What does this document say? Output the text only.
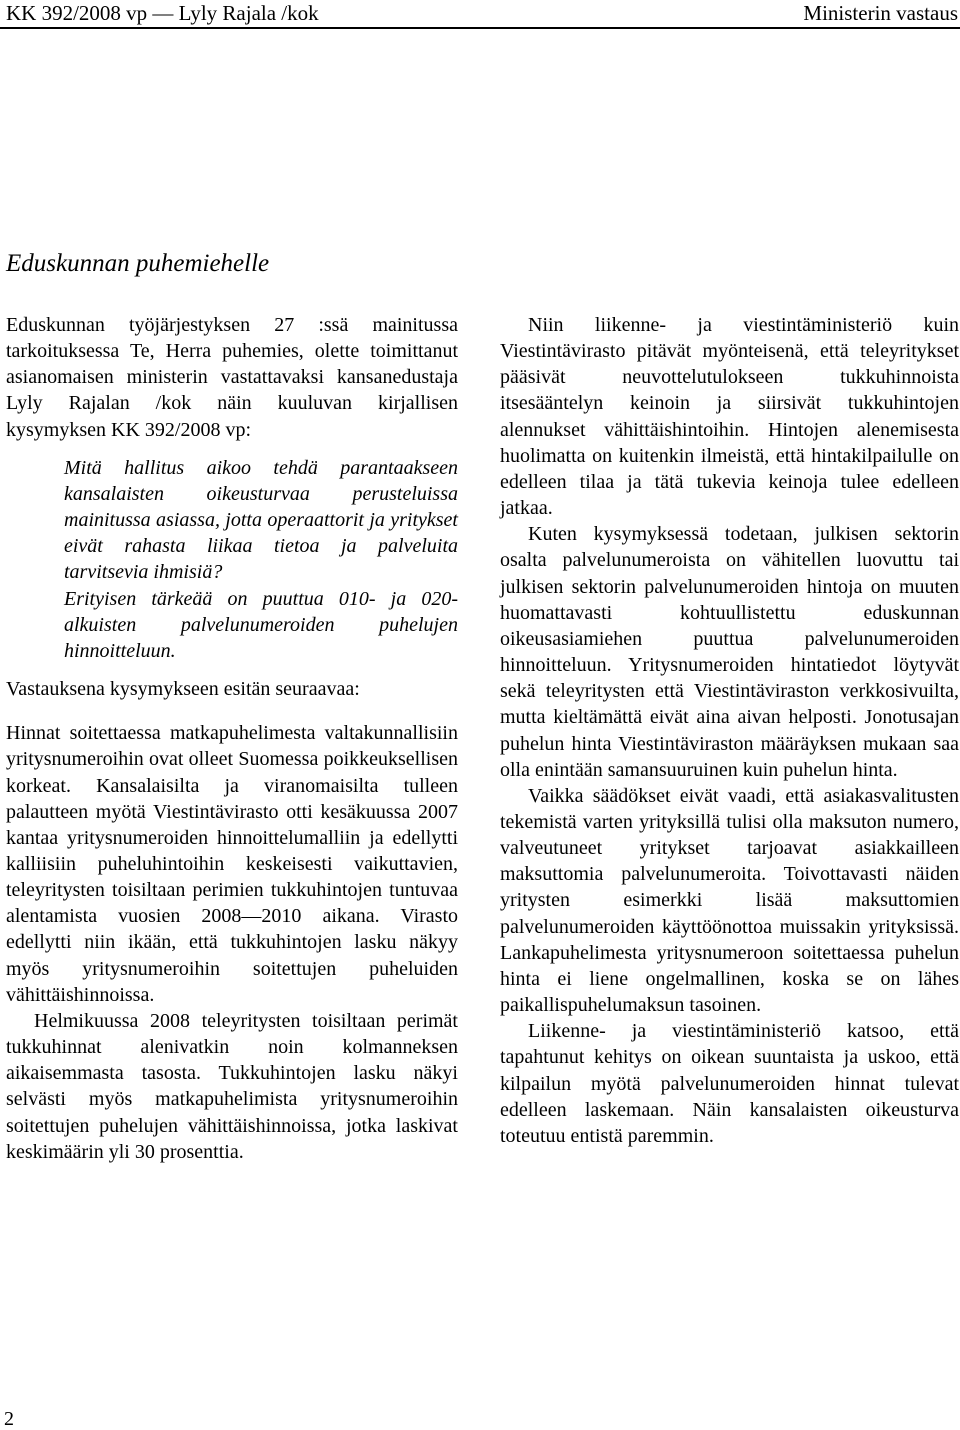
KK 392/2008 vp — Lyly Rajala /kok	Ministerin vastaus
Eduskunnan puhemiehelle

Eduskunnan työjärjestyksen 27 :ssä mainitussa tarkoituksessa Te, Herra puhemies, olette toimittanut asianomaisen ministerin vastattavaksi kansanedustaja Lyly Rajalan /kok näin kuuluvan kirjallisen kysymyksen KK 392/2008 vp:

Mitä hallitus aikoo tehdä parantaakseen kansalaisten oikeusturvaa perusteluissa mainitussa asiassa, jotta operaattorit ja yritykset eivät rahasta liikaa tietoa ja palveluita tarvitsevia ihmisiä?

Erityisen tärkeää on puuttua 010- ja 020-alkuisten palvelunumeroiden puhelujen hinnoitteluun.

Vastauksena kysymykseen esitän seuraavaa:

Hinnat soitettaessa matkapuhelimesta valtakunnallisiin yritysnumeroihin ovat olleet Suomessa poikkeuksellisen korkeat. Kansalaisilta ja viranomaisilta tulleen palautteen myötä Viestintävirasto otti kesäkuussa 2007 kantaa yritysnumeroiden hinnoittelumalliin ja edellytti kalliisiin puheluhintoihin keskeisesti vaikuttavien, teleyritysten toisiltaan perimien tukkuhintojen tuntuvaa alentamista vuosien 2008—2010 aikana. Virasto edellytti niin ikään, että tukkuhintojen lasku näkyy myös yritysnumeroihin soitettujen puheluiden vähittäishinnoissa.

Helmikuussa 2008 teleyritysten toisiltaan perimät tukkuhinnat alenivatkin noin kolmanneksen aikaisemmasta tasosta. Tukkuhintojen lasku näkyi selvästi myös matkapuhelimista yritysnumeroihin soitettujen puhelujen vähittäishinnoissa, jotka laskivat keskimäärin yli 30 prosenttia.

Niin liikenne- ja viestintäministeriö kuin Viestintävirasto pitävät myönteisenä, että teleyritykset pääsivät neuvottelutulokseen tukkuhinnoista itsesääntelyn keinoin ja siirsivät tukkuhintojen alennukset vähittäishintoihin. Hintojen alenemisesta huolimatta on kuitenkin ilmeistä, että hintakilpailulle on edelleen tilaa ja tätä tukevia keinoja tulee edelleen jatkaa.

Kuten kysymyksessä todetaan, julkisen sektorin osalta palvelunumeroista on vähitellen luovuttu tai julkisen sektorin palvelunumeroiden hintoja on muuten huomattavasti kohtuullistettu eduskunnan oikeusasiamiehen puuttua palvelunumeroiden hinnoitteluun. Yritysnumeroiden hintatiedot löytyvät sekä teleyritysten että Viestintäviraston verkkosivuilta, mutta kieltämättä eivät aina aivan helposti. Jonotusajan puhelun hinta Viestintäviraston määräyksen mukaan saa olla enintään samansuuruinen kuin puhelun hinta.

Vaikka säädökset eivät vaadi, että asiakasvalitusten tekemistä varten yrityksillä tulisi olla maksuton numero, valveutuneet yritykset tarjoavat asiakkailleen maksuttomia palvelunumeroita. Toivottavasti näiden yritysten esimerkki lisää maksuttomien palvelunumeroiden käyttöönottoa muissakin yrityksissä. Lankapuhelimesta yritysnumeroon soitettaessa puhelun hinta ei liene ongelmallinen, koska se on lähes paikallispuhelumaksun tasoinen.

Liikenne- ja viestintäministeriö katsoo, että tapahtunut kehitys on oikean suuntaista ja uskoo, että kilpailun myötä palvelunumeroiden hinnat tulevat edelleen laskemaan. Näin kansalaisten oikeusturva toteutuu entistä paremmin.

2
